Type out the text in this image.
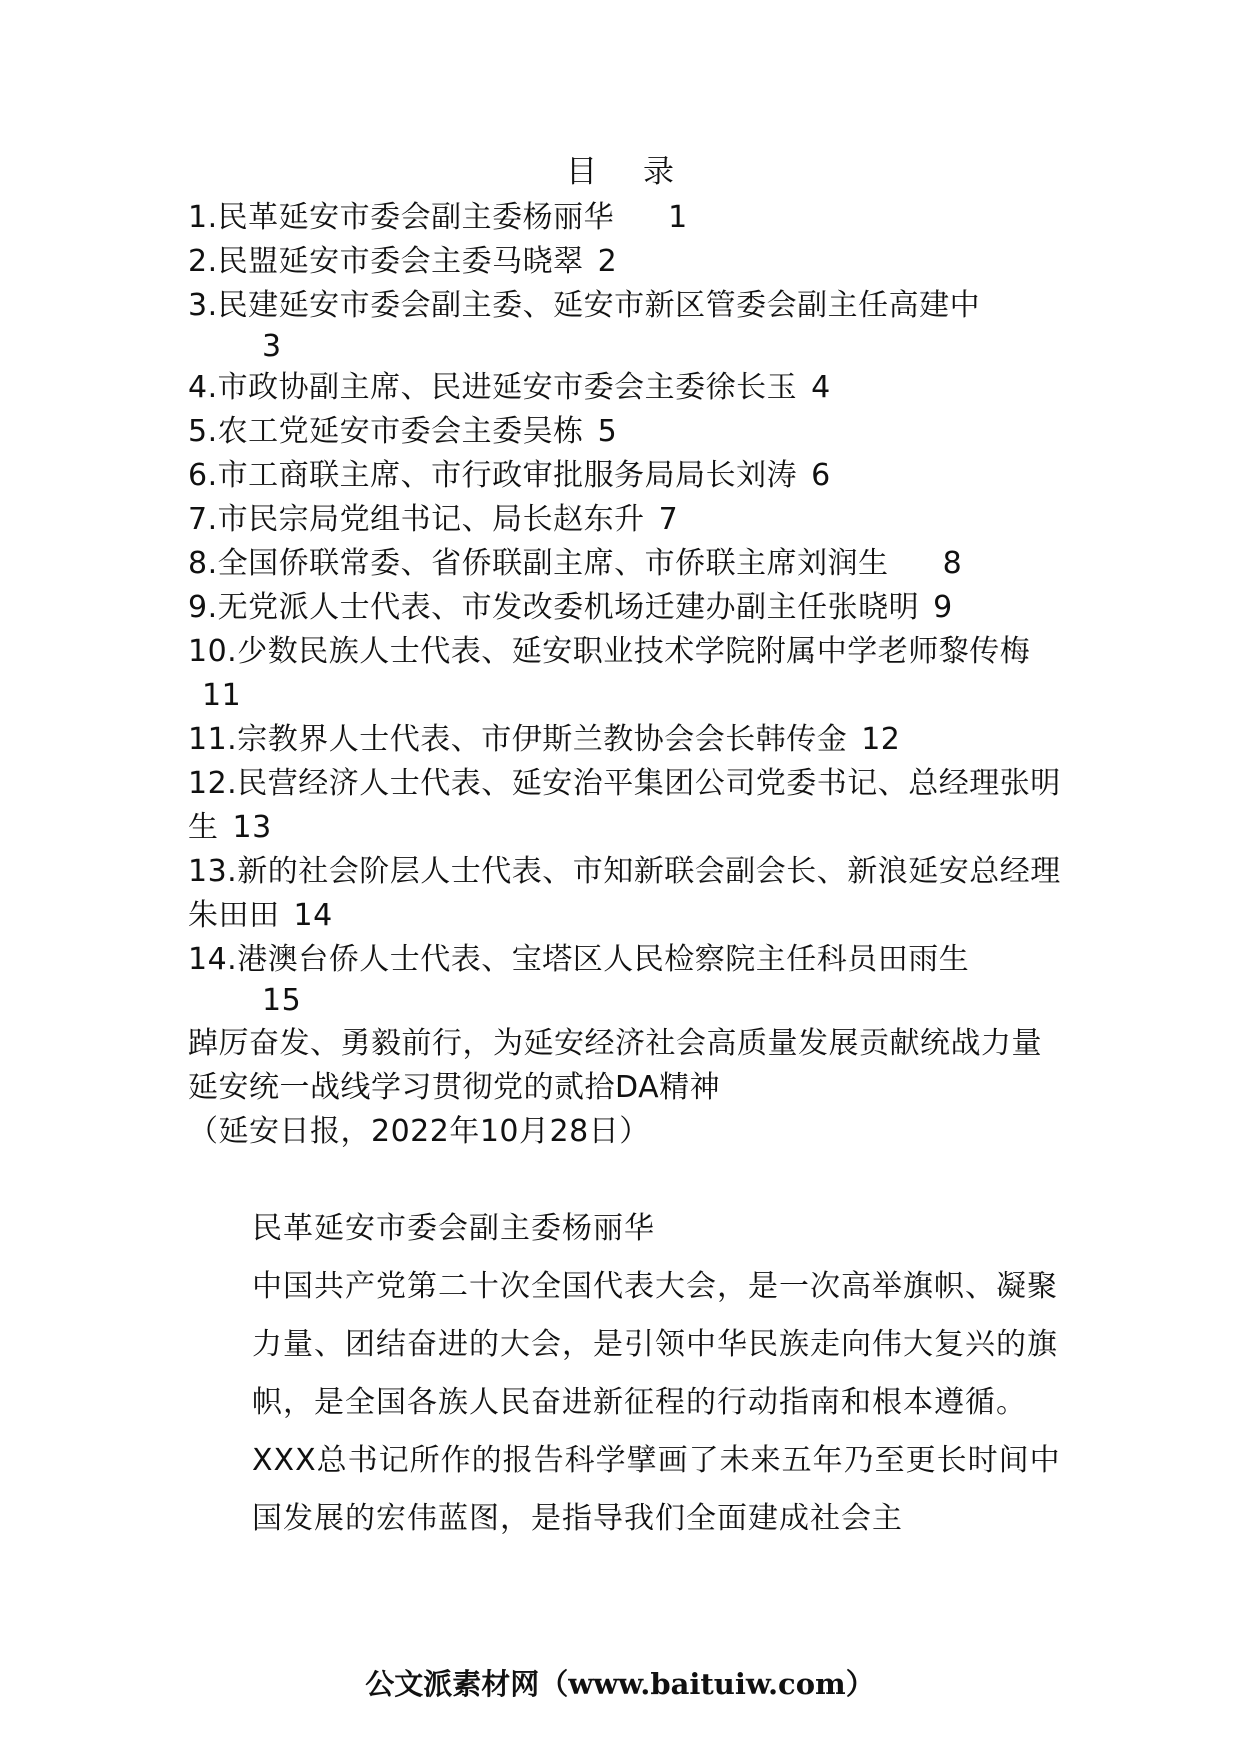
目 录
1.民革延安市委会副主委杨丽华 1
2.民盟延安市委会主委马晓翠 2
3.民建延安市委会副主委、延安市新区管委会副主任高建中
3
4.市政协副主席、民进延安市委会主委徐长玉 4
5.农工党延安市委会主委吴栋 5
6.市工商联主席、市行政审批服务局局长刘涛 6
7.市民宗局党组书记、局长赵东升 7
8.全国侨联常委、省侨联副主席、市侨联主席刘润生 8
9.无党派人士代表、市发改委机场迁建办副主任张晓明 9
10.少数民族人士代表、延安职业技术学院附属中学老师黎传梅11
11.宗教界人士代表、市伊斯兰教协会会长韩传金 12
12.民营经济人士代表、延安治平集团公司党委书记、总经理张明生 13
13.新的社会阶层人士代表、市知新联会副会长、新浪延安总经理朱田田 14
14.港澳台侨人士代表、宝塔区人民检察院主任科员田雨生
15
踔厉奋发、勇毅前行，为延安经济社会高质量发展贡献统战力量
延安统一战线学习贯彻党的贰拾DA精神
（延安日报，2022年10月28日）

民革延安市委会副主委杨丽华

中国共产党第二十次全国代表大会，是一次高举旗帜、凝聚力量、团结奋进的大会，是引领中华民族走向伟大复兴的旗帜，是全国各族人民奋进新征程的行动指南和根本遵循。XXX总书记所作的报告科学擘画了未来五年乃至更长时间中国发展的宏伟蓝图，是指导我们全面建成社会主

公文派素材网（www.baituiw.com）
